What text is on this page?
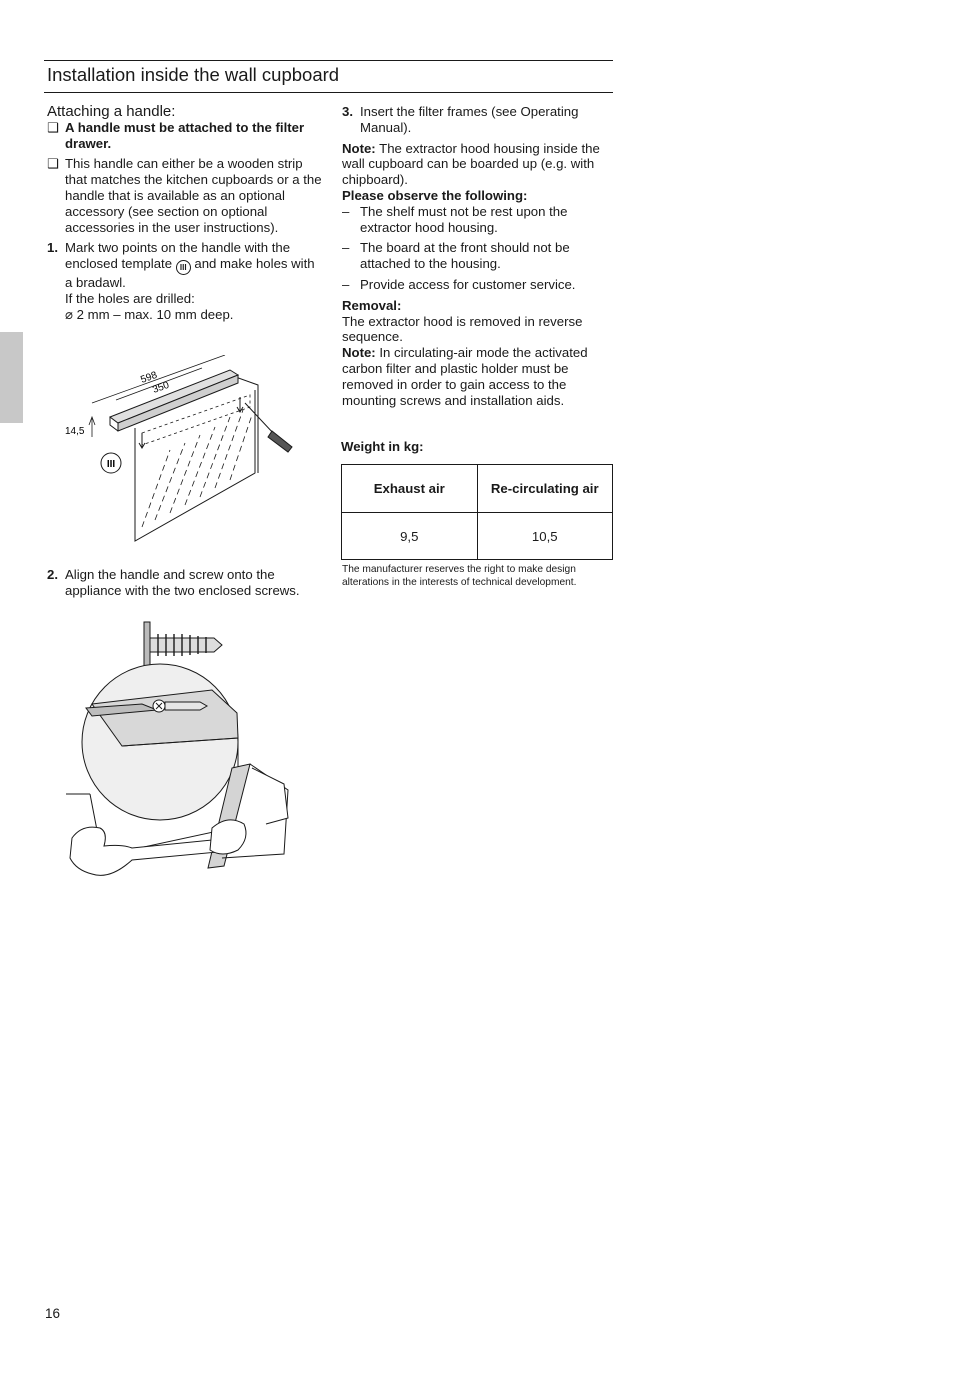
Installation inside the wall cupboard

Attaching a handle:

❑ A handle must be attached to the filter drawer.
❑ This handle can either be a wooden strip that matches the kitchen cupboards or a the handle that is available as an optional accessory (see section on optional accessories in the user instructions).
1. Mark two points on the handle with the enclosed template III and make holes with a bradawl.
If the holes are drilled:
⌀ 2 mm – max. 10 mm deep.
598
350
14,5
III
2. Align the handle and screw onto the appliance with the two enclosed screws.
3. Insert the filter frames (see Operating Manual).

Note: The extractor hood housing inside the wall cupboard can be boarded up (e.g. with chipboard).

Please observe the following:

– The shelf must not be rest upon the extractor hood housing.
– The board at the front should not be attached to the housing.
– Provide access for customer service.

Removal:

The extractor hood is removed in reverse sequence.

Note: In circulating-air mode the activated carbon filter and plastic holder must be removed in order to gain access to the mounting screws and installation aids.

Weight in kg:
Exhaust air	Re-circulating air
9,5	10,5
The manufacturer reserves the right to make design alterations in the interests of technical development.
16
